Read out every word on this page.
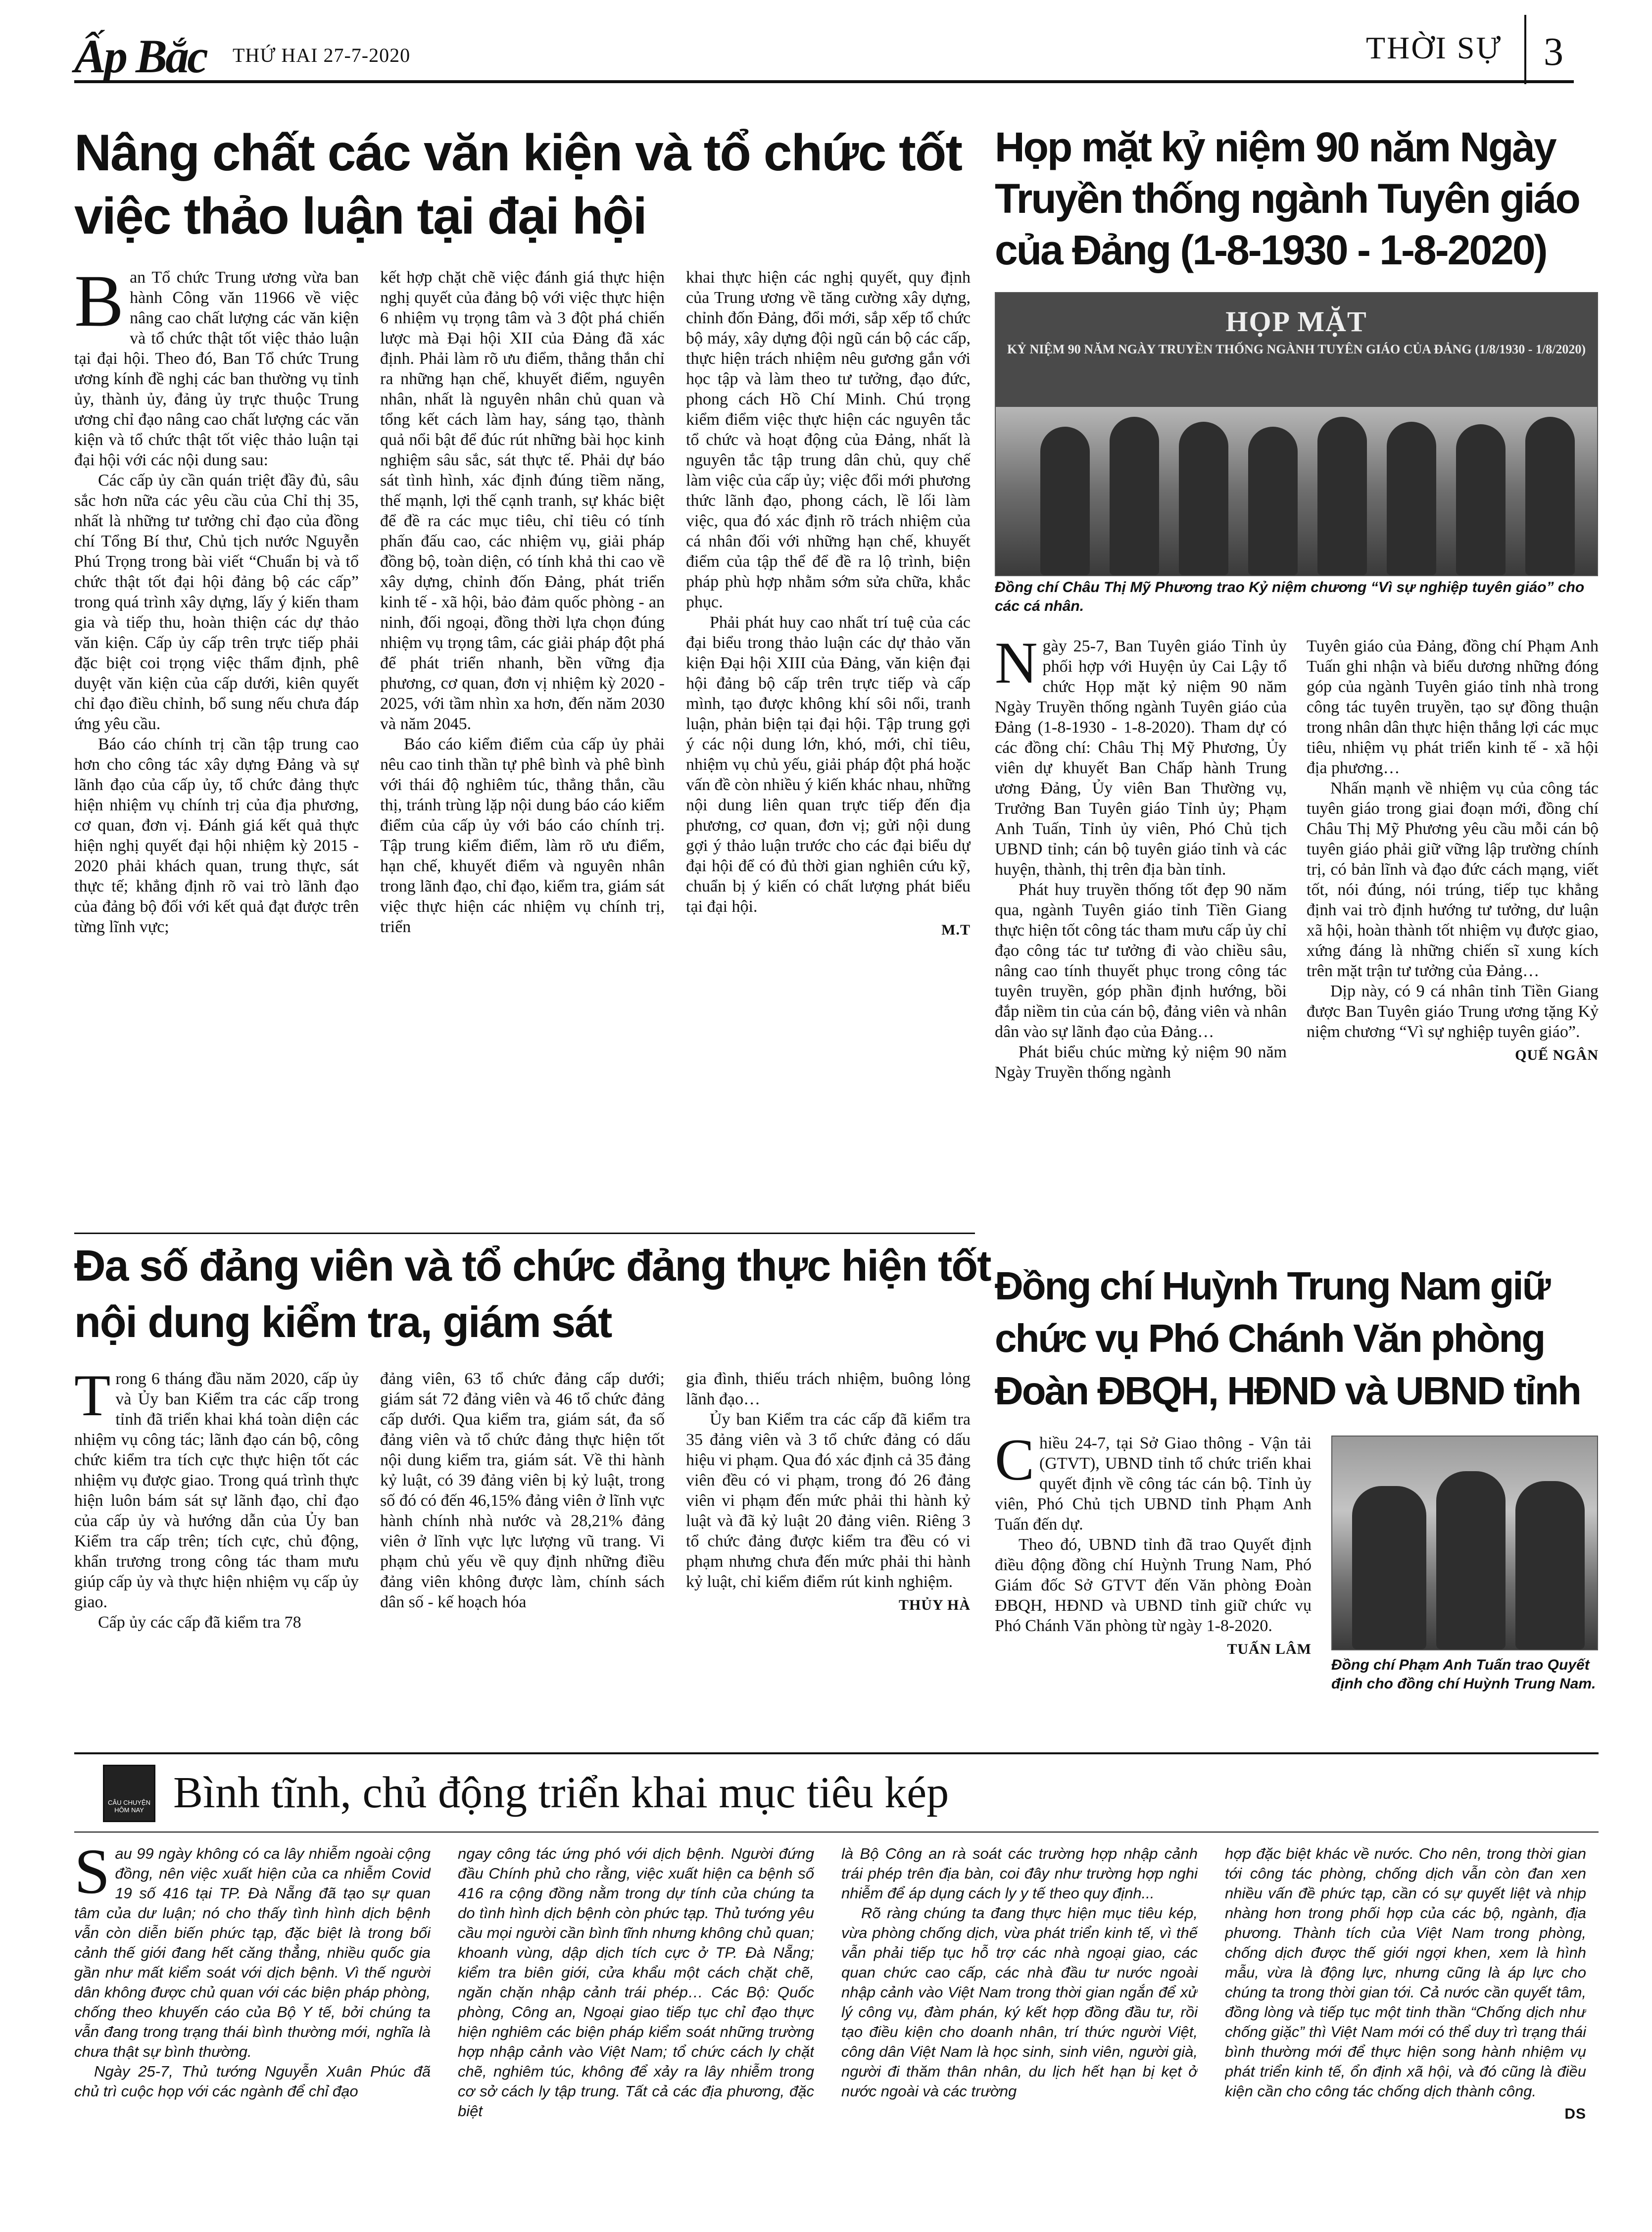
Ấp Bắc THỨ HAI 27-7-2020	THỜI SỰ	3
Nâng chất các văn kiện và tổ chức tốt việc thảo luận tại đại hội

Ban Tổ chức Trung ương vừa ban hành Công văn 11966 về việc nâng cao chất lượng các văn kiện và tổ chức thật tốt việc thảo luận tại đại hội. Theo đó, Ban Tổ chức Trung ương kính đề nghị các ban thường vụ tỉnh ủy, thành ủy, đảng ủy trực thuộc Trung ương chỉ đạo nâng cao chất lượng các văn kiện và tổ chức thật tốt việc thảo luận tại đại hội với các nội dung sau:

Các cấp ủy cần quán triệt đầy đủ, sâu sắc hơn nữa các yêu cầu của Chỉ thị 35, nhất là những tư tưởng chỉ đạo của đồng chí Tổng Bí thư, Chủ tịch nước Nguyễn Phú Trọng trong bài viết “Chuẩn bị và tổ chức thật tốt đại hội đảng bộ các cấp” trong quá trình xây dựng, lấy ý kiến tham gia và tiếp thu, hoàn thiện các dự thảo văn kiện. Cấp ủy cấp trên trực tiếp phải đặc biệt coi trọng việc thẩm định, phê duyệt văn kiện của cấp dưới, kiên quyết chỉ đạo điều chỉnh, bổ sung nếu chưa đáp ứng yêu cầu.

Báo cáo chính trị cần tập trung cao hơn cho công tác xây dựng Đảng và sự lãnh đạo của cấp ủy, tổ chức đảng thực hiện nhiệm vụ chính trị của địa phương, cơ quan, đơn vị. Đánh giá kết quả thực hiện nghị quyết đại hội nhiệm kỳ 2015 - 2020 phải khách quan, trung thực, sát thực tế; khẳng định rõ vai trò lãnh đạo của đảng bộ đối với kết quả đạt được trên từng lĩnh vực;

kết hợp chặt chẽ việc đánh giá thực hiện nghị quyết của đảng bộ với việc thực hiện 6 nhiệm vụ trọng tâm và 3 đột phá chiến lược mà Đại hội XII của Đảng đã xác định. Phải làm rõ ưu điểm, thẳng thắn chỉ ra những hạn chế, khuyết điểm, nguyên nhân, nhất là nguyên nhân chủ quan và tổng kết cách làm hay, sáng tạo, thành quả nổi bật để đúc rút những bài học kinh nghiệm sâu sắc, sát thực tế. Phải dự báo sát tình hình, xác định đúng tiềm năng, thế mạnh, lợi thế cạnh tranh, sự khác biệt để đề ra các mục tiêu, chỉ tiêu có tính phấn đấu cao, các nhiệm vụ, giải pháp đồng bộ, toàn diện, có tính khả thi cao về xây dựng, chỉnh đốn Đảng, phát triển kinh tế - xã hội, bảo đảm quốc phòng - an ninh, đối ngoại, đồng thời lựa chọn đúng nhiệm vụ trọng tâm, các giải pháp đột phá để phát triển nhanh, bền vững địa phương, cơ quan, đơn vị nhiệm kỳ 2020 - 2025, với tầm nhìn xa hơn, đến năm 2030 và năm 2045.

Báo cáo kiểm điểm của cấp ủy phải nêu cao tinh thần tự phê bình và phê bình với thái độ nghiêm túc, thẳng thắn, cầu thị, tránh trùng lặp nội dung báo cáo kiểm điểm của cấp ủy với báo cáo chính trị. Tập trung kiểm điểm, làm rõ ưu điểm, hạn chế, khuyết điểm và nguyên nhân trong lãnh đạo, chỉ đạo, kiểm tra, giám sát việc thực hiện các nhiệm vụ chính trị, triển

khai thực hiện các nghị quyết, quy định của Trung ương về tăng cường xây dựng, chỉnh đốn Đảng, đổi mới, sắp xếp tổ chức bộ máy, xây dựng đội ngũ cán bộ các cấp, thực hiện trách nhiệm nêu gương gắn với học tập và làm theo tư tưởng, đạo đức, phong cách Hồ Chí Minh. Chú trọng kiểm điểm việc thực hiện các nguyên tắc tổ chức và hoạt động của Đảng, nhất là nguyên tắc tập trung dân chủ, quy chế làm việc của cấp ủy; việc đổi mới phương thức lãnh đạo, phong cách, lề lối làm việc, qua đó xác định rõ trách nhiệm của cá nhân đối với những hạn chế, khuyết điểm của tập thể để đề ra lộ trình, biện pháp phù hợp nhằm sớm sửa chữa, khắc phục.

Phải phát huy cao nhất trí tuệ của các đại biểu trong thảo luận các dự thảo văn kiện Đại hội XIII của Đảng, văn kiện đại hội đảng bộ cấp trên trực tiếp và cấp mình, tạo được không khí sôi nổi, tranh luận, phản biện tại đại hội. Tập trung gợi ý các nội dung lớn, khó, mới, chỉ tiêu, nhiệm vụ chủ yếu, giải pháp đột phá hoặc vấn đề còn nhiều ý kiến khác nhau, những nội dung liên quan trực tiếp đến địa phương, cơ quan, đơn vị; gửi nội dung gợi ý thảo luận trước cho các đại biểu dự đại hội để có đủ thời gian nghiên cứu kỹ, chuẩn bị ý kiến có chất lượng phát biểu tại đại hội.

M.T
Họp mặt kỷ niệm 90 năm Ngày Truyền thống ngành Tuyên giáo của Đảng (1-8-1930 - 1-8-2020)
HỌP MẶT
KỶ NIỆM 90 NĂM NGÀY TRUYỀN THỐNG NGÀNH TUYÊN GIÁO CỦA ĐẢNG (1/8/1930 - 1/8/2020)
Đồng chí Châu Thị Mỹ Phương trao Kỷ niệm chương “Vì sự nghiệp tuyên giáo” cho các cá nhân.

Ngày 25-7, Ban Tuyên giáo Tỉnh ủy phối hợp với Huyện ủy Cai Lậy tổ chức Họp mặt kỷ niệm 90 năm Ngày Truyền thống ngành Tuyên giáo của Đảng (1-8-1930 - 1-8-2020). Tham dự có các đồng chí: Châu Thị Mỹ Phương, Ủy viên dự khuyết Ban Chấp hành Trung ương Đảng, Ủy viên Ban Thường vụ, Trưởng Ban Tuyên giáo Tỉnh ủy; Phạm Anh Tuấn, Tỉnh ủy viên, Phó Chủ tịch UBND tỉnh; cán bộ tuyên giáo tỉnh và các huyện, thành, thị trên địa bàn tỉnh.

Phát huy truyền thống tốt đẹp 90 năm qua, ngành Tuyên giáo tỉnh Tiền Giang thực hiện tốt công tác tham mưu cấp ủy chỉ đạo công tác tư tưởng đi vào chiều sâu, nâng cao tính thuyết phục trong công tác tuyên truyền, góp phần định hướng, bồi đắp niềm tin của cán bộ, đảng viên và nhân dân vào sự lãnh đạo của Đảng…

Phát biểu chúc mừng kỷ niệm 90 năm Ngày Truyền thống ngành

Tuyên giáo của Đảng, đồng chí Phạm Anh Tuấn ghi nhận và biểu dương những đóng góp của ngành Tuyên giáo tỉnh nhà trong công tác tuyên truyền, tạo sự đồng thuận trong nhân dân thực hiện thắng lợi các mục tiêu, nhiệm vụ phát triển kinh tế - xã hội địa phương…

Nhấn mạnh về nhiệm vụ của công tác tuyên giáo trong giai đoạn mới, đồng chí Châu Thị Mỹ Phương yêu cầu mỗi cán bộ tuyên giáo phải giữ vững lập trường chính trị, có bản lĩnh và đạo đức cách mạng, viết tốt, nói đúng, nói trúng, tiếp tục khẳng định vai trò định hướng tư tưởng, dư luận xã hội, hoàn thành tốt nhiệm vụ được giao, xứng đáng là những chiến sĩ xung kích trên mặt trận tư tưởng của Đảng…

Dịp này, có 9 cá nhân tỉnh Tiền Giang được Ban Tuyên giáo Trung ương tặng Kỷ niệm chương “Vì sự nghiệp tuyên giáo”.

QUẾ NGÂN
Đa số đảng viên và tổ chức đảng thực hiện tốt nội dung kiểm tra, giám sát

Trong 6 tháng đầu năm 2020, cấp ủy và Ủy ban Kiểm tra các cấp trong tỉnh đã triển khai khá toàn diện các nhiệm vụ công tác; lãnh đạo cán bộ, công chức kiểm tra tích cực thực hiện tốt các nhiệm vụ được giao. Trong quá trình thực hiện luôn bám sát sự lãnh đạo, chỉ đạo của cấp ủy và hướng dẫn của Ủy ban Kiểm tra cấp trên; tích cực, chủ động, khẩn trương trong công tác tham mưu giúp cấp ủy và thực hiện nhiệm vụ cấp ủy giao.

Cấp ủy các cấp đã kiểm tra 78

đảng viên, 63 tổ chức đảng cấp dưới; giám sát 72 đảng viên và 46 tổ chức đảng cấp dưới. Qua kiểm tra, giám sát, đa số đảng viên và tổ chức đảng thực hiện tốt nội dung kiểm tra, giám sát. Về thi hành kỷ luật, có 39 đảng viên bị kỷ luật, trong số đó có đến 46,15% đảng viên ở lĩnh vực hành chính nhà nước và 28,21% đảng viên ở lĩnh vực lực lượng vũ trang. Vi phạm chủ yếu về quy định những điều đảng viên không được làm, chính sách dân số - kế hoạch hóa

gia đình, thiếu trách nhiệm, buông lỏng lãnh đạo…

Ủy ban Kiểm tra các cấp đã kiểm tra 35 đảng viên và 3 tổ chức đảng có dấu hiệu vi phạm. Qua đó xác định cả 35 đảng viên đều có vi phạm, trong đó 26 đảng viên vi phạm đến mức phải thi hành kỷ luật và đã kỷ luật 20 đảng viên. Riêng 3 tổ chức đảng được kiểm tra đều có vi phạm nhưng chưa đến mức phải thi hành kỷ luật, chỉ kiểm điểm rút kinh nghiệm.

THỦY HÀ
Đồng chí Huỳnh Trung Nam giữ chức vụ Phó Chánh Văn phòng Đoàn ĐBQH, HĐND và UBND tỉnh

Chiều 24-7, tại Sở Giao thông - Vận tải (GTVT), UBND tỉnh tổ chức triển khai quyết định về công tác cán bộ. Tỉnh ủy viên, Phó Chủ tịch UBND tỉnh Phạm Anh Tuấn đến dự.

Theo đó, UBND tỉnh đã trao Quyết định điều động đồng chí Huỳnh Trung Nam, Phó Giám đốc Sở GTVT đến Văn phòng Đoàn ĐBQH, HĐND và UBND tỉnh giữ chức vụ Phó Chánh Văn phòng từ ngày 1-8-2020.

TUẤN LÂM
Đồng chí Phạm Anh Tuấn trao Quyết định cho đồng chí Huỳnh Trung Nam.
CÂU CHUYỆN HÔM NAY Bình tĩnh, chủ động triển khai mục tiêu kép

Sau 99 ngày không có ca lây nhiễm ngoài cộng đồng, nên việc xuất hiện của ca nhiễm Covid 19 số 416 tại TP. Đà Nẵng đã tạo sự quan tâm của dư luận; nó cho thấy tình hình dịch bệnh vẫn còn diễn biến phức tạp, đặc biệt là trong bối cảnh thế giới đang hết căng thẳng, nhiều quốc gia gần như mất kiểm soát với dịch bệnh. Vì thế người dân không được chủ quan với các biện pháp phòng, chống theo khuyến cáo của Bộ Y tế, bởi chúng ta vẫn đang trong trạng thái bình thường mới, nghĩa là chưa thật sự bình thường.

Ngày 25-7, Thủ tướng Nguyễn Xuân Phúc đã chủ trì cuộc họp với các ngành để chỉ đạo

ngay công tác ứng phó với dịch bệnh. Người đứng đầu Chính phủ cho rằng, việc xuất hiện ca bệnh số 416 ra cộng đồng nằm trong dự tính của chúng ta do tình hình dịch bệnh còn phức tạp. Thủ tướng yêu cầu mọi người cần bình tĩnh nhưng không chủ quan; khoanh vùng, dập dịch tích cực ở TP. Đà Nẵng; kiểm tra biên giới, cửa khẩu một cách chặt chẽ, ngăn chặn nhập cảnh trái phép… Các Bộ: Quốc phòng, Công an, Ngoại giao tiếp tục chỉ đạo thực hiện nghiêm các biện pháp kiểm soát những trường hợp nhập cảnh vào Việt Nam; tổ chức cách ly chặt chẽ, nghiêm túc, không để xảy ra lây nhiễm trong cơ sở cách ly tập trung. Tất cả các địa phương, đặc biệt

là Bộ Công an rà soát các trường hợp nhập cảnh trái phép trên địa bàn, coi đây như trường hợp nghi nhiễm để áp dụng cách ly y tế theo quy định...

Rõ ràng chúng ta đang thực hiện mục tiêu kép, vừa phòng chống dịch, vừa phát triển kinh tế, vì thế vẫn phải tiếp tục hỗ trợ các nhà ngoại giao, các quan chức cao cấp, các nhà đầu tư nước ngoài nhập cảnh vào Việt Nam trong thời gian ngắn để xử lý công vụ, đàm phán, ký kết hợp đồng đầu tư, rồi tạo điều kiện cho doanh nhân, trí thức người Việt, công dân Việt Nam là học sinh, sinh viên, người già, người đi thăm thân nhân, du lịch hết hạn bị kẹt ở nước ngoài và các trường

hợp đặc biệt khác về nước. Cho nên, trong thời gian tới công tác phòng, chống dịch vẫn còn đan xen nhiều vấn đề phức tạp, cần có sự quyết liệt và nhịp nhàng hơn trong phối hợp của các bộ, ngành, địa phương. Thành tích của Việt Nam trong phòng, chống dịch được thế giới ngợi khen, xem là hình mẫu, vừa là động lực, nhưng cũng là áp lực cho chúng ta trong thời gian tới. Cả nước cần quyết tâm, đồng lòng và tiếp tục một tinh thần “Chống dịch như chống giặc” thì Việt Nam mới có thể duy trì trạng thái bình thường mới để thực hiện song hành nhiệm vụ phát triển kinh tế, ổn định xã hội, và đó cũng là điều kiện cần cho công tác chống dịch thành công.

DS
